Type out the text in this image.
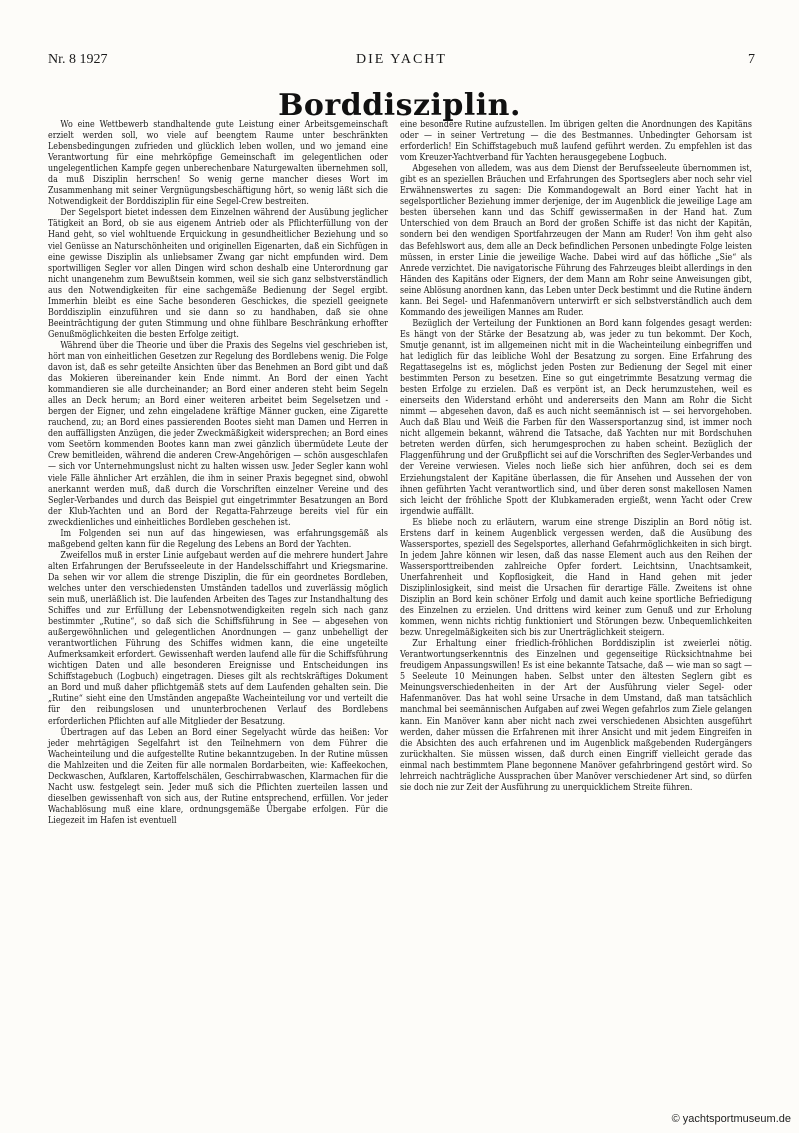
Nr. 8 1927	DIE YACHT	7
Borddisziplin.

Wo eine Wettbewerb standhaltende gute Leistung einer Arbeitsgemeinschaft erzielt werden soll, wo viele auf beengtem Raume unter beschränkten Lebensbedingungen zufrieden und glücklich leben wollen, und wo jemand eine Verantwortung für eine mehrköpfige Gemeinschaft im gelegentlichen oder ungelegentlichen Kampfe gegen unberechenbare Naturgewalten übernehmen soll, da muß Disziplin herrschen! So wenig gerne mancher dieses Wort im Zusammenhang mit seiner Vergnügungsbeschäftigung hört, so wenig läßt sich die Notwendigkeit der Borddisziplin für eine Segel-Crew bestreiten.

Der Segelsport bietet indessen dem Einzelnen während der Ausübung jeglicher Tätigkeit an Bord, ob sie aus eigenem Antrieb oder als Pflichterfüllung von der Hand geht, so viel wohltuende Erquickung in gesundheitlicher Beziehung und so viel Genüsse an Naturschönheiten und originellen Eigenarten, daß ein Sichfügen in eine gewisse Disziplin als unliebsamer Zwang gar nicht empfunden wird. Dem sportwilligen Segler vor allen Dingen wird schon deshalb eine Unterordnung gar nicht unangenehm zum Bewußtsein kommen, weil sie sich ganz selbstverständlich aus den Notwendigkeiten für eine sachgemäße Bedienung der Segel ergibt. Immerhin bleibt es eine Sache besonderen Geschickes, die speziell geeignete Borddisziplin einzuführen und sie dann so zu handhaben, daß sie ohne Beeinträchtigung der guten Stimmung und ohne fühlbare Beschränkung erhoffter Genußmöglichkeiten die besten Erfolge zeitigt.

Während über die Theorie und über die Praxis des Segelns viel geschrieben ist, hört man von einheitlichen Gesetzen zur Regelung des Bordlebens wenig. Die Folge davon ist, daß es sehr geteilte Ansichten über das Benehmen an Bord gibt und daß das Mokieren übereinander kein Ende nimmt. An Bord der einen Yacht kommandieren sie alle durcheinander; an Bord einer anderen steht beim Segeln alles an Deck herum; an Bord einer weiteren arbeitet beim Segelsetzen und -bergen der Eigner, und zehn eingeladene kräftige Männer gucken, eine Zigarette rauchend, zu; an Bord eines passierenden Bootes sieht man Damen und Herren in den auffälligsten Anzügen, die jeder Zweckmäßigkeit widersprechen; an Bord eines vom Seetörn kommenden Bootes kann man zwei gänzlich übermüdete Leute der Crew bemitleiden, während die anderen Crew-Angehörigen — schön ausgeschlafen — sich vor Unternehmungslust nicht zu halten wissen usw. Jeder Segler kann wohl viele Fälle ähnlicher Art erzählen, die ihm in seiner Praxis begegnet sind, obwohl anerkannt werden muß, daß durch die Vorschriften einzelner Vereine und des Segler-Verbandes und durch das Beispiel gut eingetrimmter Besatzungen an Bord der Klub-Yachten und an Bord der Regatta-Fahrzeuge bereits viel für ein zweckdienliches und einheitliches Bordleben geschehen ist.

Im Folgenden sei nun auf das hingewiesen, was erfahrungsgemäß als maßgebend gelten kann für die Regelung des Lebens an Bord der Yachten.

Zweifellos muß in erster Linie aufgebaut werden auf die mehrere hundert Jahre alten Erfahrungen der Berufsseeleute in der Handelsschiffahrt und Kriegsmarine. Da sehen wir vor allem die strenge Disziplin, die für ein geordnetes Bordleben, welches unter den verschiedensten Umständen tadellos und zuverlässig möglich sein muß, unerläßlich ist. Die laufenden Arbeiten des Tages zur Instandhaltung des Schiffes und zur Erfüllung der Lebensnotwendigkeiten regeln sich nach ganz bestimmter „Rutine“, so daß sich die Schiffsführung in See — abgesehen von außergewöhnlichen und gelegentlichen Anordnungen — ganz unbehelligt der verantwortlichen Führung des Schiffes widmen kann, die eine ungeteilte Aufmerksamkeit erfordert. Gewissenhaft werden laufend alle für die Schiffsführung wichtigen Daten und alle besonderen Ereignisse und Entscheidungen ins Schiffstagebuch (Logbuch) eingetragen. Dieses gilt als rechtskräftiges Dokument an Bord und muß daher pflichtgemäß stets auf dem Laufenden gehalten sein. Die „Rutine“ sieht eine den Umständen angepaßte Wacheinteilung vor und verteilt die für den reibungslosen und ununterbrochenen Verlauf des Bordlebens erforderlichen Pflichten auf alle Mitglieder der Besatzung.

Übertragen auf das Leben an Bord einer Segelyacht würde das heißen: Vor jeder mehrtägigen Segelfahrt ist den Teilnehmern von dem Führer die Wacheinteilung und die aufgestellte Rutine bekanntzugeben. In der Rutine müssen die Mahlzeiten und die Zeiten für alle normalen Bordarbeiten, wie: Kaffeekochen, Deckwaschen, Aufklaren, Kartoffelschälen, Geschirrabwaschen, Klarmachen für die Nacht usw. festgelegt sein. Jeder muß sich die Pflichten zuerteilen lassen und dieselben gewissenhaft von sich aus, der Rutine entsprechend, erfüllen. Vor jeder Wachablösung muß eine klare, ordnungsgemäße Übergabe erfolgen. Für die Liegezeit im Hafen ist eventuell

eine besondere Rutine aufzustellen. Im übrigen gelten die Anordnungen des Kapitäns oder — in seiner Vertretung — die des Bestmannes. Unbedingter Gehorsam ist erforderlich! Ein Schiffstagebuch muß laufend geführt werden. Zu empfehlen ist das vom Kreuzer-Yachtverband für Yachten herausgegebene Logbuch.

Abgesehen von alledem, was aus dem Dienst der Berufsseeleute übernommen ist, gibt es an speziellen Bräuchen und Erfahrungen des Sportseglers aber noch sehr viel Erwähnenswertes zu sagen: Die Kommandogewalt an Bord einer Yacht hat in segelsportlicher Beziehung immer derjenige, der im Augenblick die jeweilige Lage am besten übersehen kann und das Schiff gewissermaßen in der Hand hat. Zum Unterschied von dem Brauch an Bord der großen Schiffe ist das nicht der Kapitän, sondern bei den wendigen Sportfahrzeugen der Mann am Ruder! Von ihm geht also das Befehlswort aus, dem alle an Deck befindlichen Personen unbedingte Folge leisten müssen, in erster Linie die jeweilige Wache. Dabei wird auf das höfliche „Sie“ als Anrede verzichtet. Die navigatorische Führung des Fahrzeuges bleibt allerdings in den Händen des Kapitäns oder Eigners, der dem Mann am Rohr seine Anweisungen gibt, seine Ablösung anordnen kann, das Leben unter Deck bestimmt und die Rutine ändern kann. Bei Segel- und Hafenmanövern unterwirft er sich selbstverständlich auch dem Kommando des jeweiligen Mannes am Ruder.

Bezüglich der Verteilung der Funktionen an Bord kann folgendes gesagt werden: Es hängt von der Stärke der Besatzung ab, was jeder zu tun bekommt. Der Koch, Smutje genannt, ist im allgemeinen nicht mit in die Wacheinteilung einbegriffen und hat lediglich für das leibliche Wohl der Besatzung zu sorgen. Eine Erfahrung des Regattasegelns ist es, möglichst jeden Posten zur Bedienung der Segel mit einer bestimmten Person zu besetzen. Eine so gut eingetrimmte Besatzung vermag die besten Erfolge zu erzielen. Daß es verpönt ist, an Deck herumzustehen, weil es einerseits den Widerstand erhöht und andererseits den Mann am Rohr die Sicht nimmt — abgesehen davon, daß es auch nicht seemännisch ist — sei hervorgehoben. Auch daß Blau und Weiß die Farben für den Wassersportanzug sind, ist immer noch nicht allgemein bekannt, während die Tatsache, daß Yachten nur mit Bordschuhen betreten werden dürfen, sich herumgesprochen zu haben scheint. Bezüglich der Flaggenführung und der Grußpflicht sei auf die Vorschriften des Segler-Verbandes und der Vereine verwiesen. Vieles noch ließe sich hier anführen, doch sei es dem Erziehungstalent der Kapitäne überlassen, die für Ansehen und Aussehen der von ihnen geführten Yacht verantwortlich sind, und über deren sonst makellosen Namen sich leicht der fröhliche Spott der Klubkameraden ergießt, wenn Yacht oder Crew irgendwie auffällt.

Es bliebe noch zu erläutern, warum eine strenge Disziplin an Bord nötig ist. Erstens darf in keinem Augenblick vergessen werden, daß die Ausübung des Wassersportes, speziell des Segelsportes, allerhand Gefahrmöglichkeiten in sich birgt. In jedem Jahre können wir lesen, daß das nasse Element auch aus den Reihen der Wassersporttreibenden zahlreiche Opfer fordert. Leichtsinn, Unachtsamkeit, Unerfahrenheit und Kopflosigkeit, die Hand in Hand gehen mit jeder Disziplinlosigkeit, sind meist die Ursachen für derartige Fälle. Zweitens ist ohne Disziplin an Bord kein schöner Erfolg und damit auch keine sportliche Befriedigung des Einzelnen zu erzielen. Und drittens wird keiner zum Genuß und zur Erholung kommen, wenn nichts richtig funktioniert und Störungen bezw. Unbequemlichkeiten bezw. Unregelmäßigkeiten sich bis zur Unerträglichkeit steigern.

Zur Erhaltung einer friedlich-fröhlichen Borddisziplin ist zweierlei nötig. Verantwortungserkenntnis des Einzelnen und gegenseitige Rücksichtnahme bei freudigem Anpassungswillen! Es ist eine bekannte Tatsache, daß — wie man so sagt — 5 Seeleute 10 Meinungen haben. Selbst unter den ältesten Seglern gibt es Meinungsverschiedenheiten in der Art der Ausführung vieler Segel- oder Hafenmanöver. Das hat wohl seine Ursache in dem Umstand, daß man tatsächlich manchmal bei seemännischen Aufgaben auf zwei Wegen gefahrlos zum Ziele gelangen kann. Ein Manöver kann aber nicht nach zwei verschiedenen Absichten ausgeführt werden, daher müssen die Erfahrenen mit ihrer Ansicht und mit jedem Eingreifen in die Absichten des auch erfahrenen und im Augenblick maßgebenden Rudergängers zurückhalten. Sie müssen wissen, daß durch einen Eingriff vielleicht gerade das einmal nach bestimmtem Plane begonnene Manöver gefahrbringend gestört wird. So lehrreich nachträgliche Aussprachen über Manöver verschiedener Art sind, so dürfen sie doch nie zur Zeit der Ausführung zu unerquicklichem Streite führen.

© yachtsportmuseum.de
